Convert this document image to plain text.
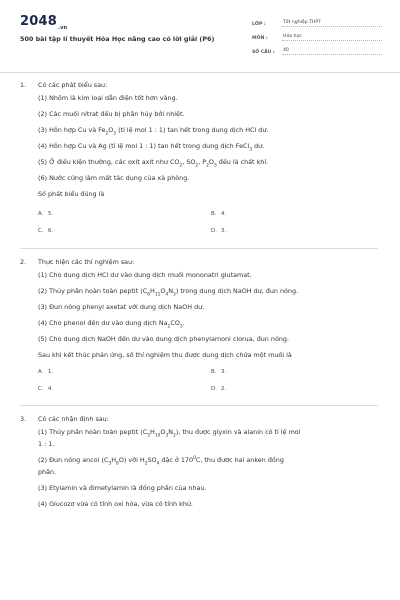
$2048_{.vn}$
500 bài tập lí thuyết Hóa Học nâng cao có lời giải (P6)
LỚP :	Tốt nghiệp THPT
MÔN :	Hóa học
SỐ CÂU :	40
1.	Có các phát biểu sau:
(1) Nhôm là kim loại dẫn điện tốt hơn vàng.
(2) Các muối nitrat đều bị phân hủy bởi nhiệt.
(3) Hỗn hợp Cu và $Fe_2O_3$ (tỉ lệ mol 1 : 1) tan hết trong dung dịch HCl dư.
(4) Hỗn hợp Cu và Ag (tỉ lệ mol 1 : 1) tan hết trong dung dịch FeCl$_3$ dư.
(5) Ở điều kiện thường, các oxit axit như $CO_2$, $SO_2$, $P_2O_5$ đều là chất khí.
(6) Nước cứng làm mất tác dụng của xà phòng.
Số phát biểu đúng là
A. 5.	B. 4.
C. 6.	D. 3.
2.	Thực hiện các thí nghiệm sau:
(1) Cho dung dịch HCl dư vào dung dịch muối mononatri glutamat.
(2) Thủy phân hoàn toàn peptit $(C_6H_{11}O_4N_3)$ trong dung dịch NaOH dư, đun nóng.
(3) Đun nóng phenyl axetat với dung dịch NaOH dư.
(4) Cho phenol đến dư vào dung dịch $Na_2CO_3$.
(5) Cho dung dịch NaOH đến dư vào dung dịch phenylamoni clorua, đun nóng.
Sau khi kết thúc phản ứng, số thí nghiệm thu được dung dịch chứa một muối là
A. 1.	B. 3.
C. 4.	D. 2.
3.	Có các nhận định sau:
(1) Thủy phân hoàn toàn peptit $(C_5H_{10}O_3N_2)$, thu được glyxin và alanin có tỉ lệ mol
1 : 1.
(2) Đun nóng ancol $(C_3H_8O)$ với $H_2SO_4$ đặc ở $170^0C$, thu được hai anken đồng
phân.
(3) Etylamin và đimetylamin là đồng phân của nhau.
(4) Glucozơ vừa có tính oxi hóa, vừa có tính khử.
